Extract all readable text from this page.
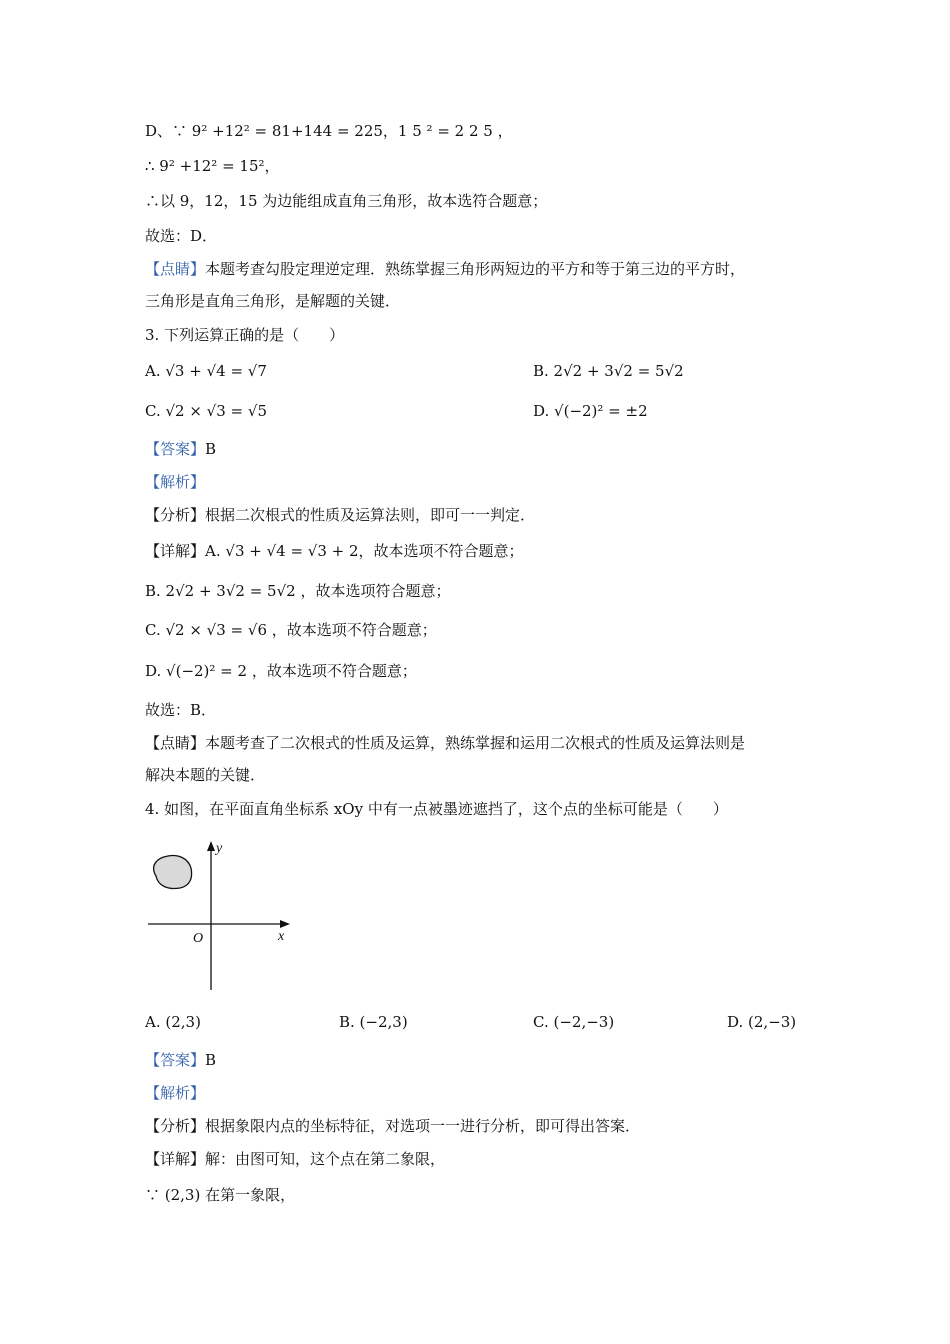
D、∵ 9² +12² = 81+144 = 225，1 5 ² = 2 2 5 ，
∴ 9² +12² = 15²，
∴以 9，12，15 为边能组成直角三角形，故本选符合题意；
故选：D．
【点睛】本题考查勾股定理逆定理．熟练掌握三角形两短边的平方和等于第三边的平方时，
三角形是直角三角形，是解题的关键．
3. 下列运算正确的是（　　）
A. √3 + √4 = √7	B. 2√2 + 3√2 = 5√2
C. √2 × √3 = √5	D. √(−2)² = ±2
【答案】B
【解析】
【分析】根据二次根式的性质及运算法则，即可一一判定．
【详解】A. √3 + √4 = √3 + 2，故本选项不符合题意；
B. 2√2 + 3√2 = 5√2 ，故本选项符合题意；
C. √2 × √3 = √6 ，故本选项不符合题意；
D. √(−2)² = 2 ，故本选项不符合题意；
故选：B．
【点睛】本题考查了二次根式的性质及运算，熟练掌握和运用二次根式的性质及运算法则是
解决本题的关键．
4. 如图，在平面直角坐标系 xOy 中有一点被墨迹遮挡了，这个点的坐标可能是（　　）
y
x
O
A. (2,3)	B. (−2,3)	C. (−2,−3)	D. (2,−3)
【答案】B
【解析】
【分析】根据象限内点的坐标特征，对选项一一进行分析，即可得出答案．
【详解】解：由图可知，这个点在第二象限，
∵ (2,3) 在第一象限，
